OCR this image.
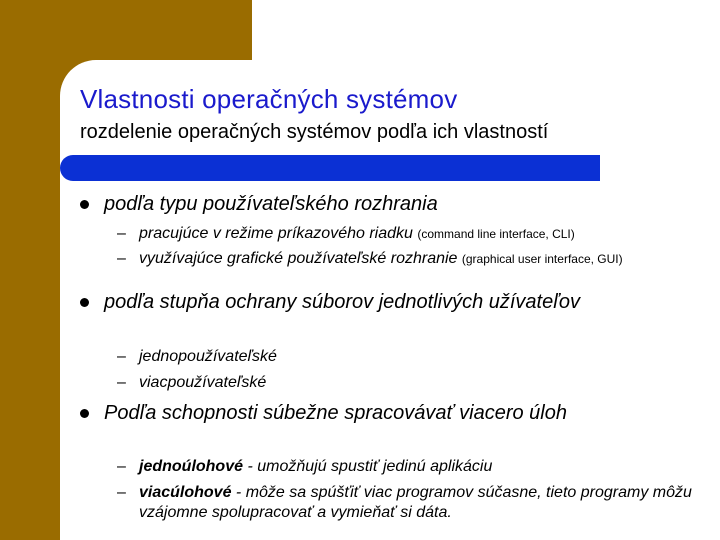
Vlastnosti operačných systémov
rozdelenie operačných systémov podľa ich vlastností
podľa typu používateľského rozhrania
– pracujúce v režime príkazového riadku (command line interface, CLI)
– využívajúce grafické používateľské rozhranie (graphical user interface, GUI)
podľa stupňa ochrany súborov jednotlivých užívateľov
– jednopoužívateľské
– viacpoužívateľské
Podľa schopnosti súbežne spracovávať viacero úloh
– jednoúlohové - umožňujú spustiť jedinú aplikáciu
– viacúlohové - môže sa spúšťiť viac programov súčasne, tieto programy môžu vzájomne spolupracovať a vymieňať si dáta.
